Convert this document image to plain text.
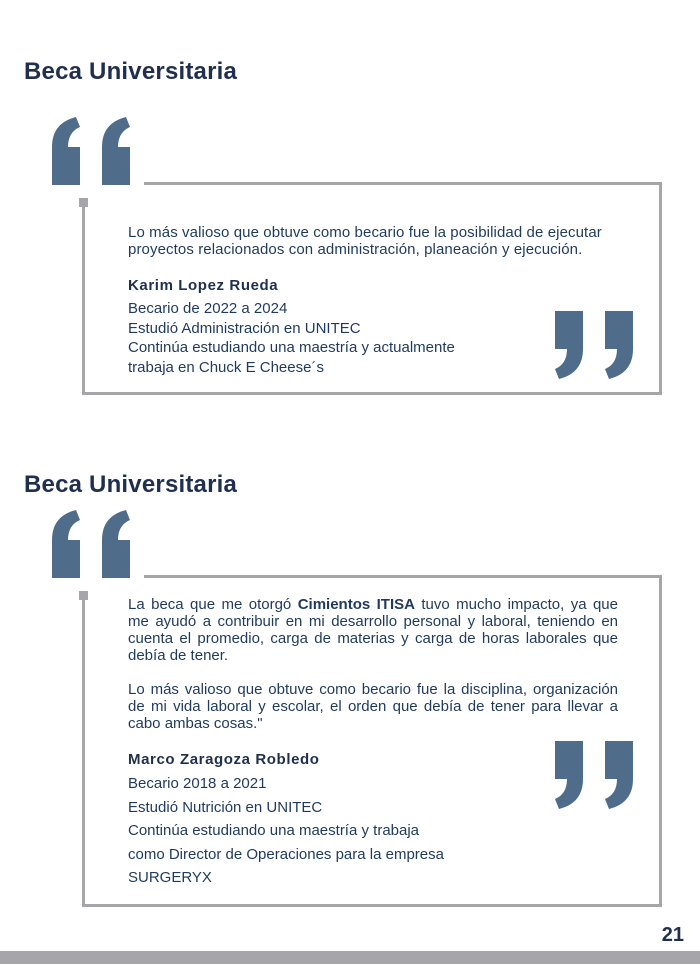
Beca Universitaria

Lo más valioso que obtuve como becario fue la posibilidad de ejecutar proyectos relacionados con administración, planeación y ejecución.

Karim Lopez Rueda
Becario de 2022 a 2024
Estudió Administración en UNITEC
Continúa estudiando una maestría y actualmente
trabaja en Chuck E Cheese´s
Beca Universitaria

La beca que me otorgó Cimientos ITISA tuvo mucho impacto, ya que me ayudó a contribuir en mi desarrollo personal y laboral, teniendo en cuenta el promedio, carga de materias y carga de horas laborales que debía de tener.

Lo más valioso que obtuve como becario fue la disciplina, organización de mi vida laboral y escolar, el orden que debía de tener para llevar a cabo ambas cosas."

Marco Zaragoza Robledo
Becario 2018 a 2021
Estudió Nutrición en UNITEC
Continúa estudiando una maestría y trabaja
como Director de Operaciones para la empresa
SURGERYX
21
